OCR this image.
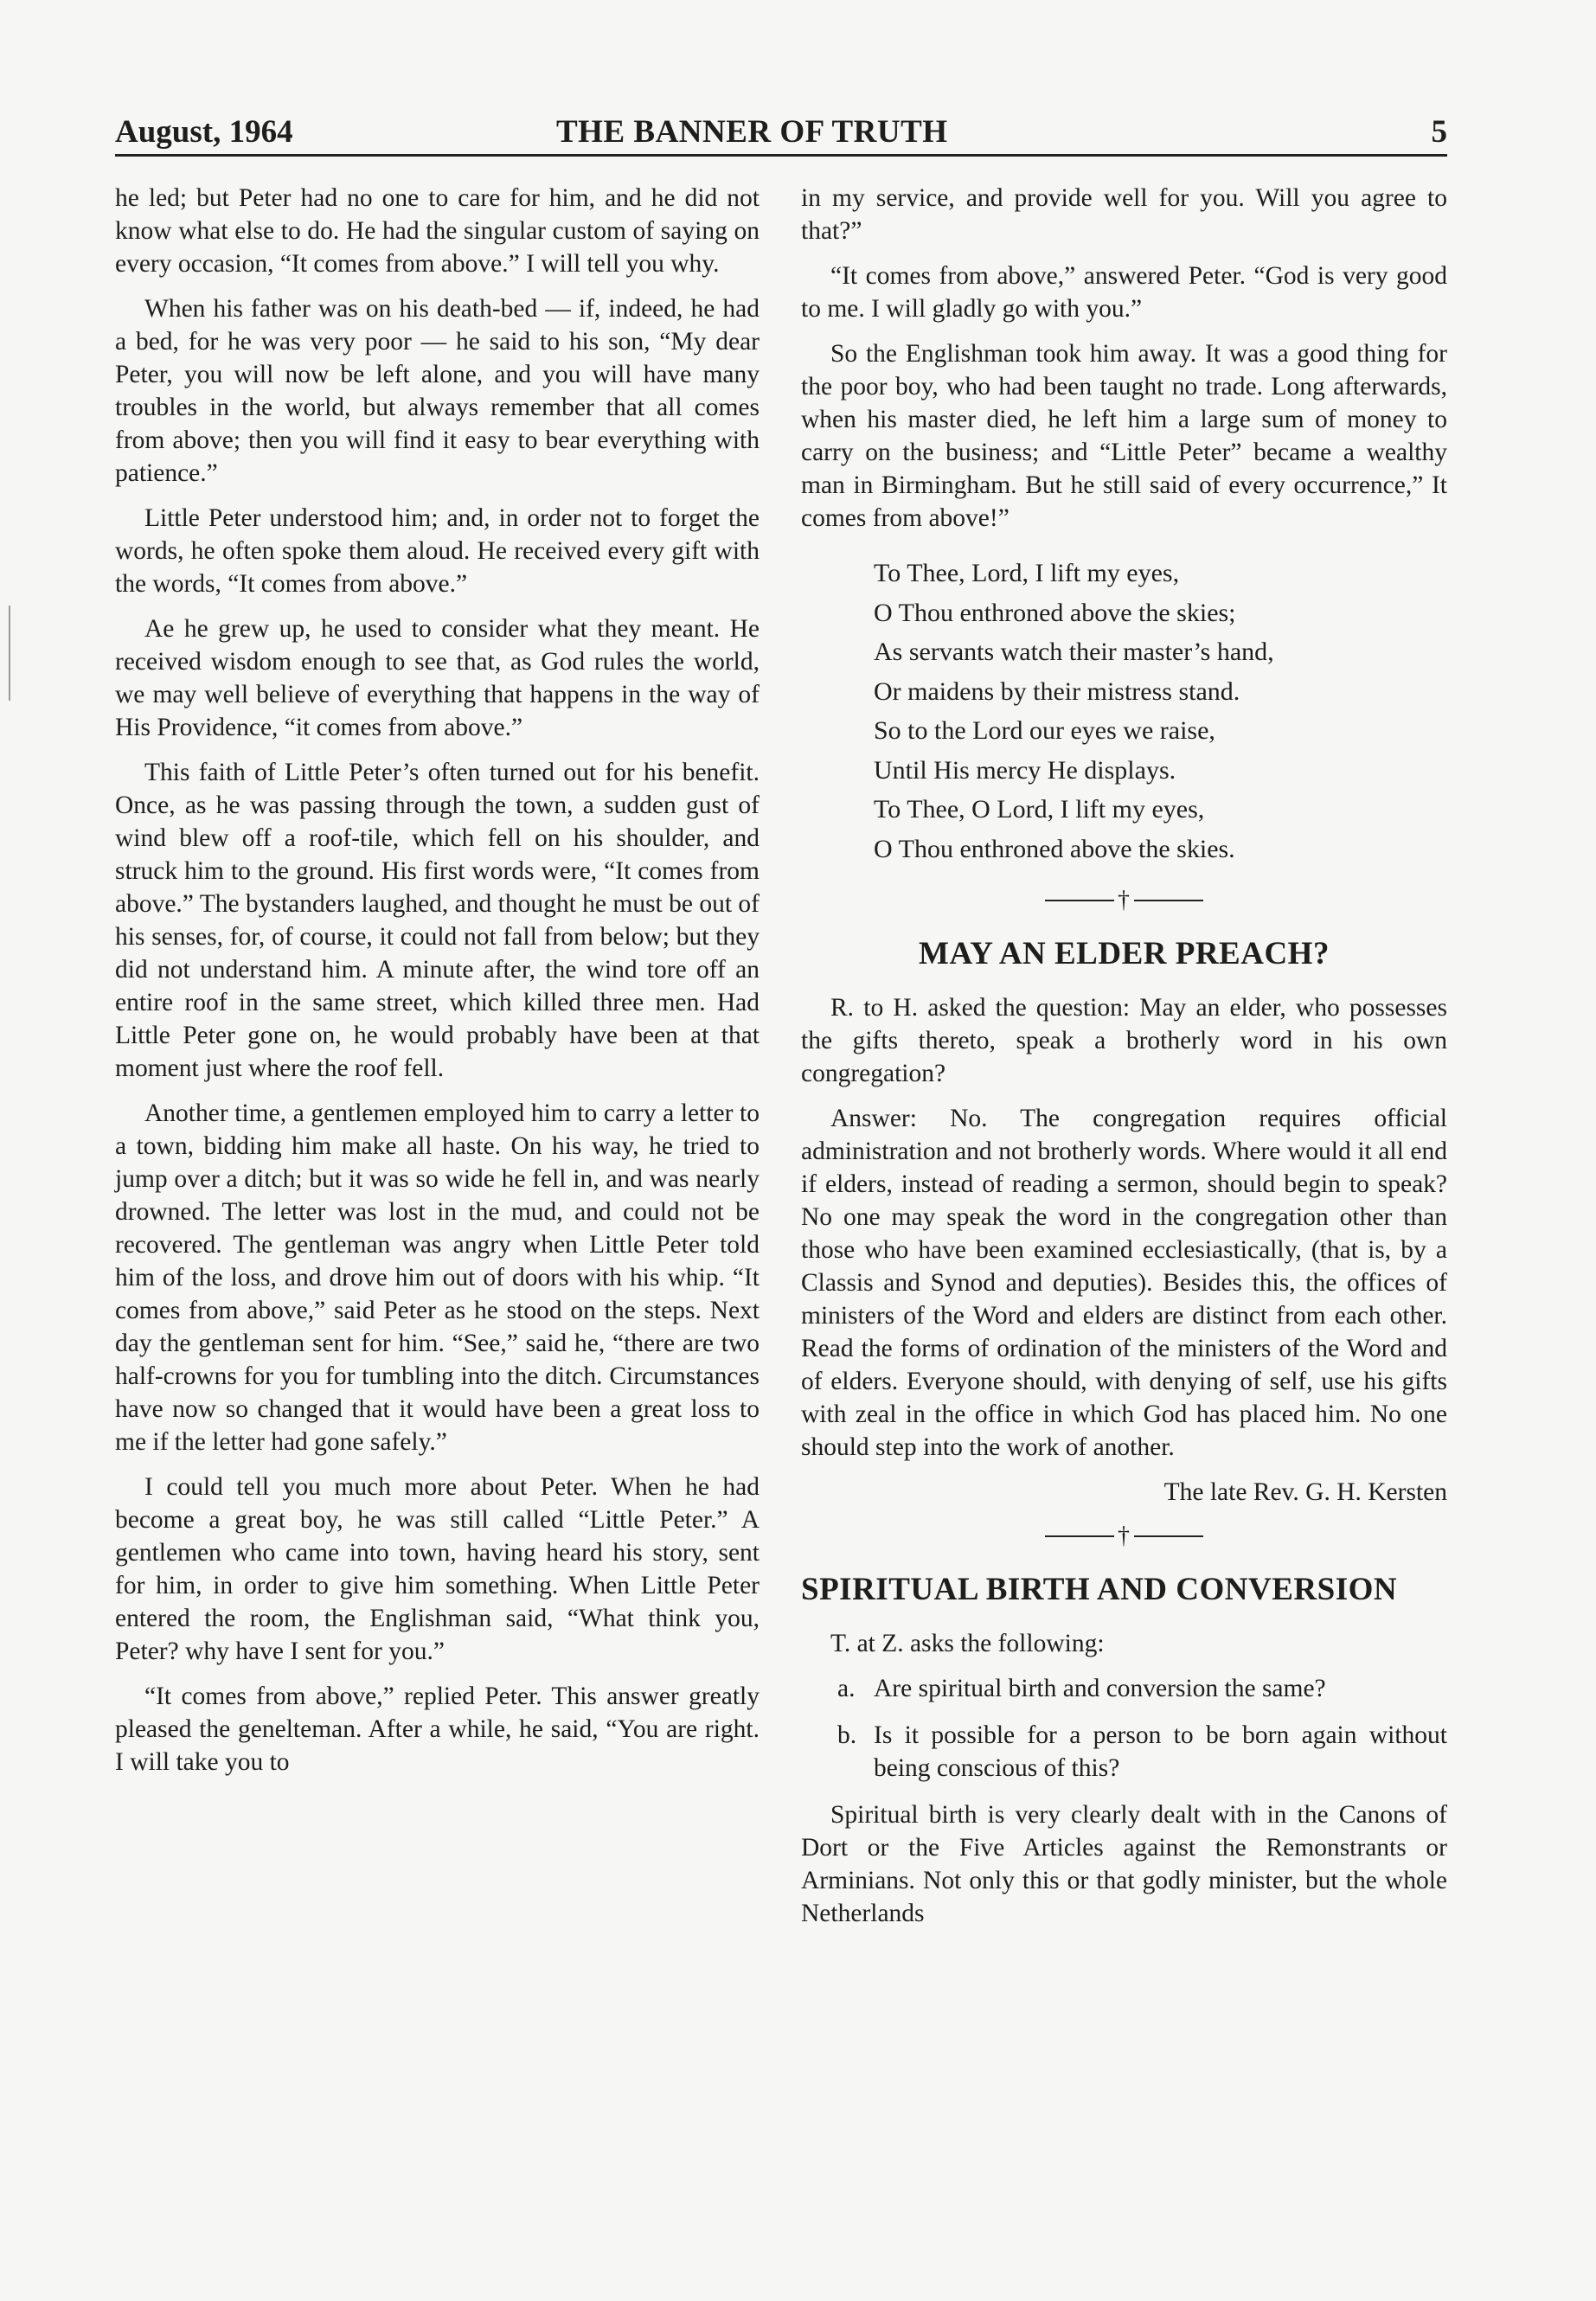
August, 1964	THE BANNER OF TRUTH	5

he led; but Peter had no one to care for him, and he did not know what else to do. He had the singular custom of saying on every occasion, “It comes from above.” I will tell you why.

When his father was on his death-bed — if, indeed, he had a bed, for he was very poor — he said to his son, “My dear Peter, you will now be left alone, and you will have many troubles in the world, but always remember that all comes from above; then you will find it easy to bear everything with patience.”

Little Peter understood him; and, in order not to forget the words, he often spoke them aloud. He received every gift with the words, “It comes from above.”

Ae he grew up, he used to consider what they meant. He received wisdom enough to see that, as God rules the world, we may well believe of everything that happens in the way of His Providence, “it comes from above.”

This faith of Little Peter’s often turned out for his benefit. Once, as he was passing through the town, a sudden gust of wind blew off a roof-tile, which fell on his shoulder, and struck him to the ground. His first words were, “It comes from above.” The bystanders laughed, and thought he must be out of his senses, for, of course, it could not fall from below; but they did not understand him. A minute after, the wind tore off an entire roof in the same street, which killed three men. Had Little Peter gone on, he would probably have been at that moment just where the roof fell.

Another time, a gentlemen employed him to carry a letter to a town, bidding him make all haste. On his way, he tried to jump over a ditch; but it was so wide he fell in, and was nearly drowned. The letter was lost in the mud, and could not be recovered. The gentleman was angry when Little Peter told him of the loss, and drove him out of doors with his whip. “It comes from above,” said Peter as he stood on the steps. Next day the gentleman sent for him. “See,” said he, “there are two half-crowns for you for tumbling into the ditch. Circumstances have now so changed that it would have been a great loss to me if the letter had gone safely.”

I could tell you much more about Peter. When he had become a great boy, he was still called “Little Peter.” A gentlemen who came into town, having heard his story, sent for him, in order to give him something. When Little Peter entered the room, the Englishman said, “What think you, Peter? why have I sent for you.”

“It comes from above,” replied Peter. This answer greatly pleased the genelteman. After a while, he said, “You are right. I will take you to

in my service, and provide well for you. Will you agree to that?”

“It comes from above,” answered Peter. “God is very good to me. I will gladly go with you.”

So the Englishman took him away. It was a good thing for the poor boy, who had been taught no trade. Long afterwards, when his master died, he left him a large sum of money to carry on the business; and “Little Peter” became a wealthy man in Birmingham. But he still said of every occurrence,” It comes from above!”

To Thee, Lord, I lift my eyes,
O Thou enthroned above the skies;
As servants watch their master’s hand,
Or maidens by their mistress stand.
So to the Lord our eyes we raise,
Until His mercy He displays.
To Thee, O Lord, I lift my eyes,
O Thou enthroned above the skies.
†
MAY AN ELDER PREACH?

R. to H. asked the question: May an elder, who possesses the gifts thereto, speak a brotherly word in his own congregation?

Answer: No. The congregation requires official administration and not brotherly words. Where would it all end if elders, instead of reading a sermon, should begin to speak? No one may speak the word in the congregation other than those who have been examined ecclesiastically, (that is, by a Classis and Synod and deputies). Besides this, the offices of ministers of the Word and elders are distinct from each other. Read the forms of ordination of the ministers of the Word and of elders. Everyone should, with denying of self, use his gifts with zeal in the office in which God has placed him. No one should step into the work of another.

The late Rev. G. H. Kersten
†
SPIRITUAL BIRTH AND CONVERSION

T. at Z. asks the following:

a. Are spiritual birth and conversion the same?
b. Is it possible for a person to be born again without being conscious of this?

Spiritual birth is very clearly dealt with in the Canons of Dort or the Five Articles against the Remonstrants or Arminians. Not only this or that godly minister, but the whole Netherlands
